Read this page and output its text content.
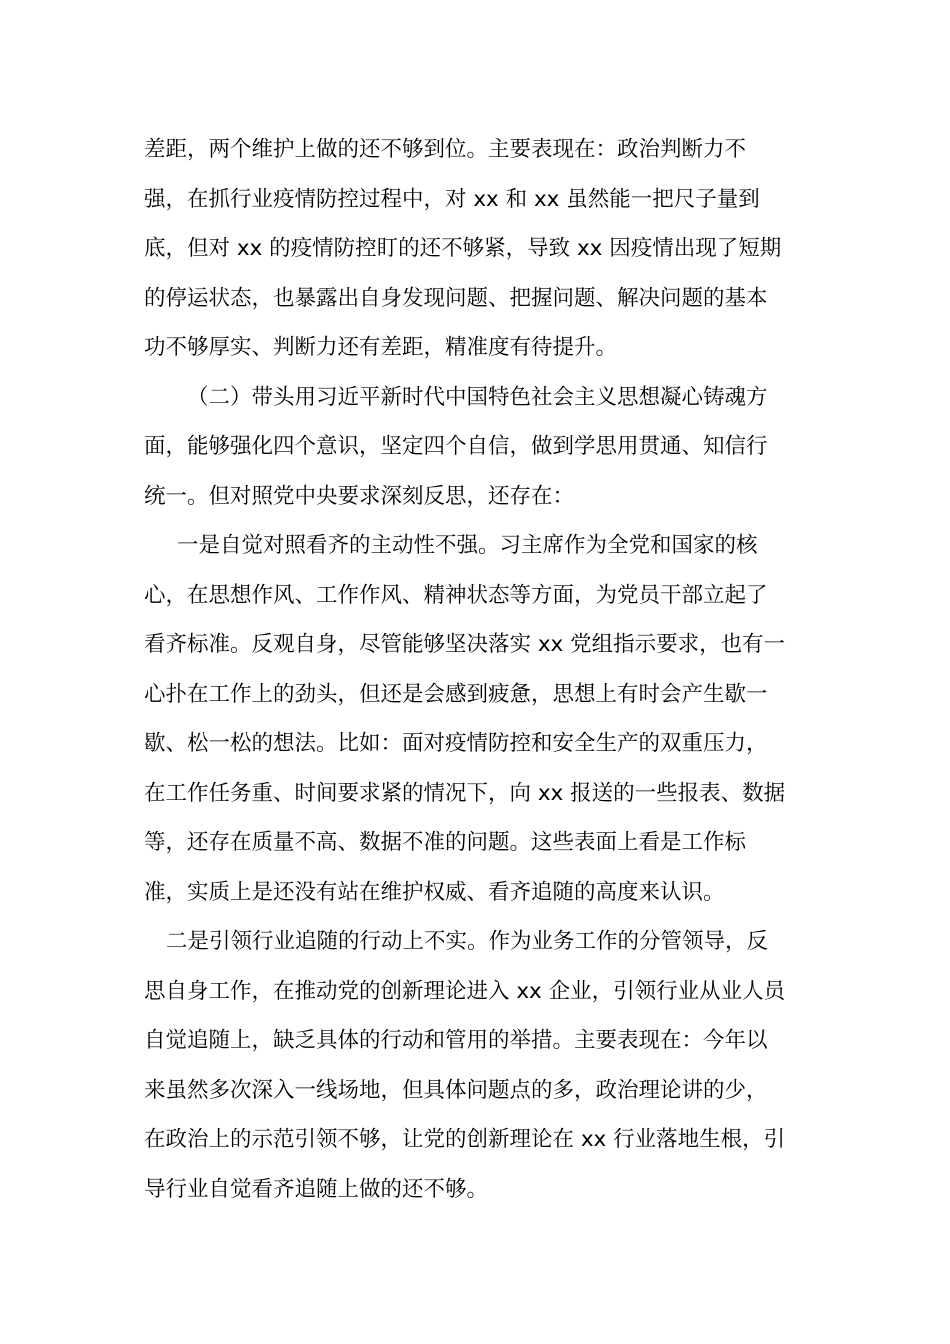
差距，两个维护上做的还不够到位。主要表现在：政治判断力不
强，在抓行业疫情防控过程中，对 xx 和 xx 虽然能一把尺子量到
底，但对 xx 的疫情防控盯的还不够紧，导致 xx 因疫情出现了短期
的停运状态，也暴露出自身发现问题、把握问题、解决问题的基本
功不够厚实、判断力还有差距，精准度有待提升。
（二）带头用习近平新时代中国特色社会主义思想凝心铸魂方
面，能够强化四个意识，坚定四个自信，做到学思用贯通、知信行
统一。但对照党中央要求深刻反思，还存在：
一是自觉对照看齐的主动性不强。习主席作为全党和国家的核
心，在思想作风、工作作风、精神状态等方面，为党员干部立起了
看齐标准。反观自身，尽管能够坚决落实 xx 党组指示要求，也有一
心扑在工作上的劲头，但还是会感到疲惫，思想上有时会产生歇一
歇、松一松的想法。比如：面对疫情防控和安全生产的双重压力，
在工作任务重、时间要求紧的情况下，向 xx 报送的一些报表、数据
等，还存在质量不高、数据不准的问题。这些表面上看是工作标
准，实质上是还没有站在维护权威、看齐追随的高度来认识。
二是引领行业追随的行动上不实。作为业务工作的分管领导，反
思自身工作，在推动党的创新理论进入 xx 企业，引领行业从业人员
自觉追随上，缺乏具体的行动和管用的举措。主要表现在：今年以
来虽然多次深入一线场地，但具体问题点的多，政治理论讲的少，
在政治上的示范引领不够，让党的创新理论在 xx 行业落地生根，引
导行业自觉看齐追随上做的还不够。
